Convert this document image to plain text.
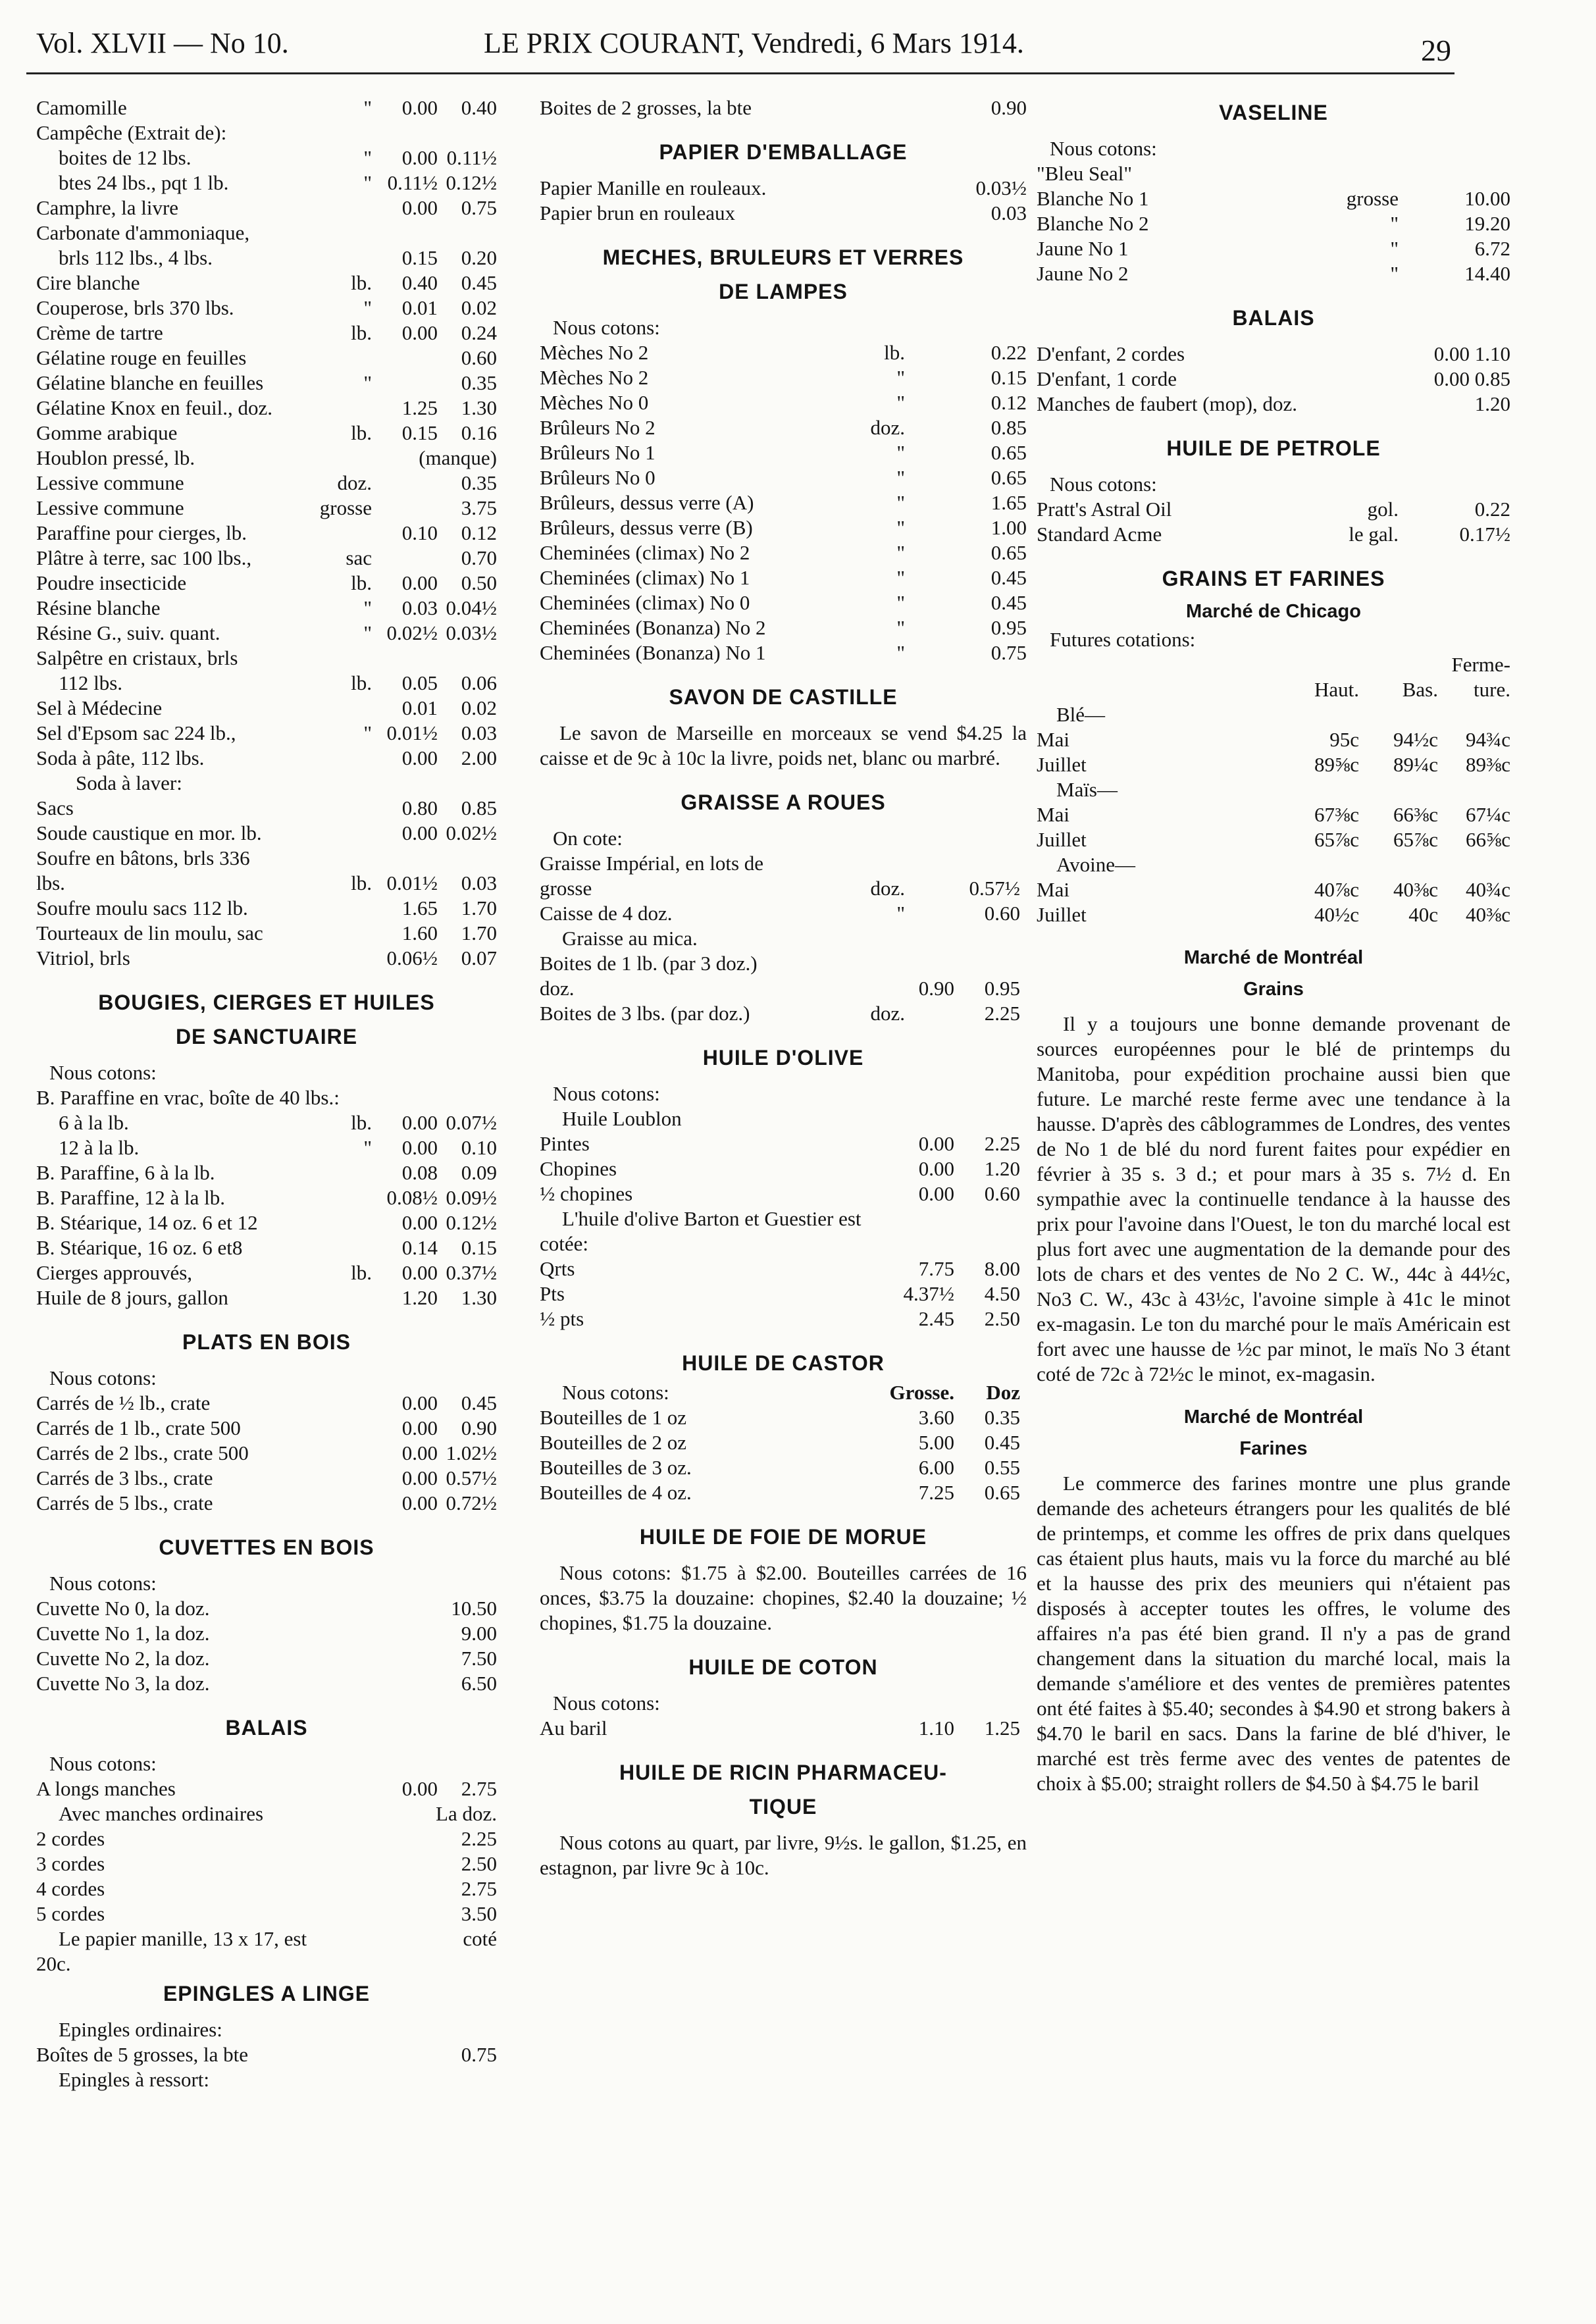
Vol. XLVII — No 10.	LE PRIX COURANT, Vendredi, 6 Mars 1914.	29
Camomille	" 0.00 0.40
Campêche (Extrait de):
boites de 12 lbs.	" 0.00 0.11½
btes 24 lbs., pqt 1 lb.	" 0.11½ 0.12½
Camphre, la livre	0.00 0.75
Carbonate d'ammoniaque,
brls 112 lbs., 4 lbs.	0.15 0.20
Cire blanche	lb. 0.40 0.45
Couperose, brls 370 lbs.	" 0.01 0.02
Crème de tartre	lb. 0.00 0.24
Gélatine rouge en feuilles	0.60
Gélatine blanche en feuilles	"	0.35
Gélatine Knox en feuil., doz.	1.25 1.30
Gomme arabique	lb. 0.15 0.16
Houblon pressé, lb.	(manque)
Lessive commune	doz.	0.35
Lessive commune	grosse	3.75
Paraffine pour cierges, lb.	0.10 0.12
Plâtre à terre, sac 100 lbs.,	sac	0.70
Poudre insecticide	lb. 0.00 0.50
Résine blanche	" 0.03 0.04½
Résine G., suiv. quant.	" 0.02½ 0.03½
Salpêtre en cristaux, brls
112 lbs.	lb. 0.05 0.06
Sel à Médecine	0.01 0.02
Sel d'Epsom sac 224 lb.,	" 0.01½ 0.03
Soda à pâte, 112 lbs.	0.00 2.00
Soda à laver:
Sacs	0.80 0.85
Soude caustique en mor. lb.	0.00 0.02½
Soufre en bâtons, brls 336
lbs.	lb. 0.01½ 0.03
Soufre moulu sacs 112 lb.	1.65 1.70
Tourteaux de lin moulu, sac	1.60 1.70
Vitriol, brls	0.06½ 0.07
BOUGIES, CIERGES ET HUILES
DE SANCTUAIRE
Nous cotons:
B. Paraffine en vrac, boîte de 40 lbs.:
6 à la lb.	lb. 0.00 0.07½
12 à la lb.	" 0.00 0.10
B. Paraffine, 6 à la lb.	0.08 0.09
B. Paraffine, 12 à la lb.	0.08½ 0.09½
B. Stéarique, 14 oz. 6 et 12	0.00 0.12½
B. Stéarique, 16 oz. 6 et8	0.14 0.15
Cierges approuvés,	lb. 0.00 0.37½
Huile de 8 jours, gallon	1.20 1.30
PLATS EN BOIS
Nous cotons:
Carrés de ½ lb., crate	0.00 0.45
Carrés de 1 lb., crate 500	0.00 0.90
Carrés de 2 lbs., crate 500	0.00 1.02½
Carrés de 3 lbs., crate	0.00 0.57½
Carrés de 5 lbs., crate	0.00 0.72½
CUVETTES EN BOIS
Nous cotons:
Cuvette No 0, la doz.	10.50
Cuvette No 1, la doz.	9.00
Cuvette No 2, la doz.	7.50
Cuvette No 3, la doz.	6.50
BALAIS
Nous cotons:
A longs manches	0.00 2.75
Avec manches ordinaires	La doz.
2 cordes	2.25
3 cordes	2.50
4 cordes	2.75
5 cordes	3.50
Le papier manille, 13 x 17, est	coté
20c.
EPINGLES A LINGE
Epingles ordinaires:
Boîtes de 5 grosses, la bte	0.75
Epingles à ressort:
Boites de 2 grosses, la bte	0.90
PAPIER D'EMBALLAGE
Papier Manille en rouleaux.	0.03½
Papier brun en rouleaux	0.03
MECHES, BRULEURS ET VERRES
DE LAMPES
Nous cotons:
Mèches No 2	lb.	0.22
Mèches No 2	"	0.15
Mèches No 0	"	0.12
Brûleurs No 2	doz.	0.85
Brûleurs No 1	"	0.65
Brûleurs No 0	"	0.65
Brûleurs, dessus verre (A)	"	1.65
Brûleurs, dessus verre (B)	"	1.00
Cheminées (climax) No 2	"	0.65
Cheminées (climax) No 1	"	0.45
Cheminées (climax) No 0	"	0.45
Cheminées (Bonanza) No 2	"	0.95
Cheminées (Bonanza) No 1	"	0.75
SAVON DE CASTILLE
Le savon de Marseille en morceaux se vend $4.25 la caisse et de 9c à 10c la livre, poids net, blanc ou marbré.
GRAISSE A ROUES
On cote:
Graisse Impérial, en lots de
grosse	doz.	0.57½
Caisse de 4 doz.	"	0.60
Graisse au mica.
Boites de 1 lb. (par 3 doz.)
doz.	0.90 0.95
Boites de 3 lbs. (par doz.)	doz.	2.25
HUILE D'OLIVE
Nous cotons:
Huile Loublon
Pintes	0.00 2.25
Chopines	0.00 1.20
½ chopines	0.00 0.60
L'huile d'olive Barton et Guestier est
cotée:
Qrts	7.75 8.00
Pts	4.37½ 4.50
½ pts	2.45 2.50
HUILE DE CASTOR
Nous cotons:	Grosse. Doz
Bouteilles de 1 oz	3.60 0.35
Bouteilles de 2 oz	5.00 0.45
Bouteilles de 3 oz.	6.00 0.55
Bouteilles de 4 oz.	7.25 0.65
HUILE DE FOIE DE MORUE
Nous cotons: $1.75 à $2.00. Bouteilles carrées de 16 onces, $3.75 la douzaine: chopines, $2.40 la douzaine; ½ chopines, $1.75 la douzaine.
HUILE DE COTON
Nous cotons:
Au baril	1.10 1.25
HUILE DE RICIN PHARMACEU-
TIQUE
Nous cotons au quart, par livre, 9½s. le gallon, $1.25, en estagnon, par livre 9c à 10c.
VASELINE
Nous cotons:
"Bleu Seal"
Blanche No 1	grosse	10.00
Blanche No 2	"	19.20
Jaune No 1	"	6.72
Jaune No 2	"	14.40
BALAIS
D'enfant, 2 cordes	0.00 1.10
D'enfant, 1 corde	0.00 0.85
Manches de faubert (mop), doz.	1.20
HUILE DE PETROLE
Nous cotons:
Pratt's Astral Oil	gol.	0.22
Standard Acme	le gal.	0.17½
GRAINS ET FARINES
Marché de Chicago
Futures cotations:
Ferme-
Haut. Bas. ture.
Blé—
Mai	95c 94½c 94¾c
Juillet	89⅝c 89¼c 89⅜c
Maïs—
Mai	67⅜c 66⅜c 67¼c
Juillet	65⅞c 65⅞c 66⅝c
Avoine—
Mai	40⅞c 40⅜c 40¾c
Juillet	40½c 40c 40⅜c
Marché de Montréal
Grains
Il y a toujours une bonne demande provenant de sources européennes pour le blé de printemps du Manitoba, pour expédition prochaine aussi bien que future. Le marché reste ferme avec une tendance à la hausse. D'après des câblogrammes de Londres, des ventes de No 1 de blé du nord furent faites pour expédier en février à 35 s. 3 d.; et pour mars à 35 s. 7½ d. En sympathie avec la continuelle tendance à la hausse des prix pour l'avoine dans l'Ouest, le ton du marché local est plus fort avec une augmentation de la demande pour des lots de chars et des ventes de No 2 C. W., 44c à 44½c, No3 C. W., 43c à 43½c, l'avoine simple à 41c le minot ex-magasin. Le ton du marché pour le maïs Américain est fort avec une hausse de ½c par minot, le maïs No 3 étant coté de 72c à 72½c le minot, ex-magasin.
Marché de Montréal
Farines
Le commerce des farines montre une plus grande demande des acheteurs étrangers pour les qualités de blé de printemps, et comme les offres de prix dans quelques cas étaient plus hauts, mais vu la force du marché au blé et la hausse des prix des meuniers qui n'étaient pas disposés à accepter toutes les offres, le volume des affaires n'a pas été bien grand. Il n'y a pas de grand changement dans la situation du marché local, mais la demande s'améliore et des ventes de premières patentes ont été faites à $5.40; secondes à $4.90 et strong bakers à $4.70 le baril en sacs. Dans la farine de blé d'hiver, le marché est très ferme avec des ventes de patentes de choix à $5.00; straight rollers de $4.50 à $4.75 le baril
